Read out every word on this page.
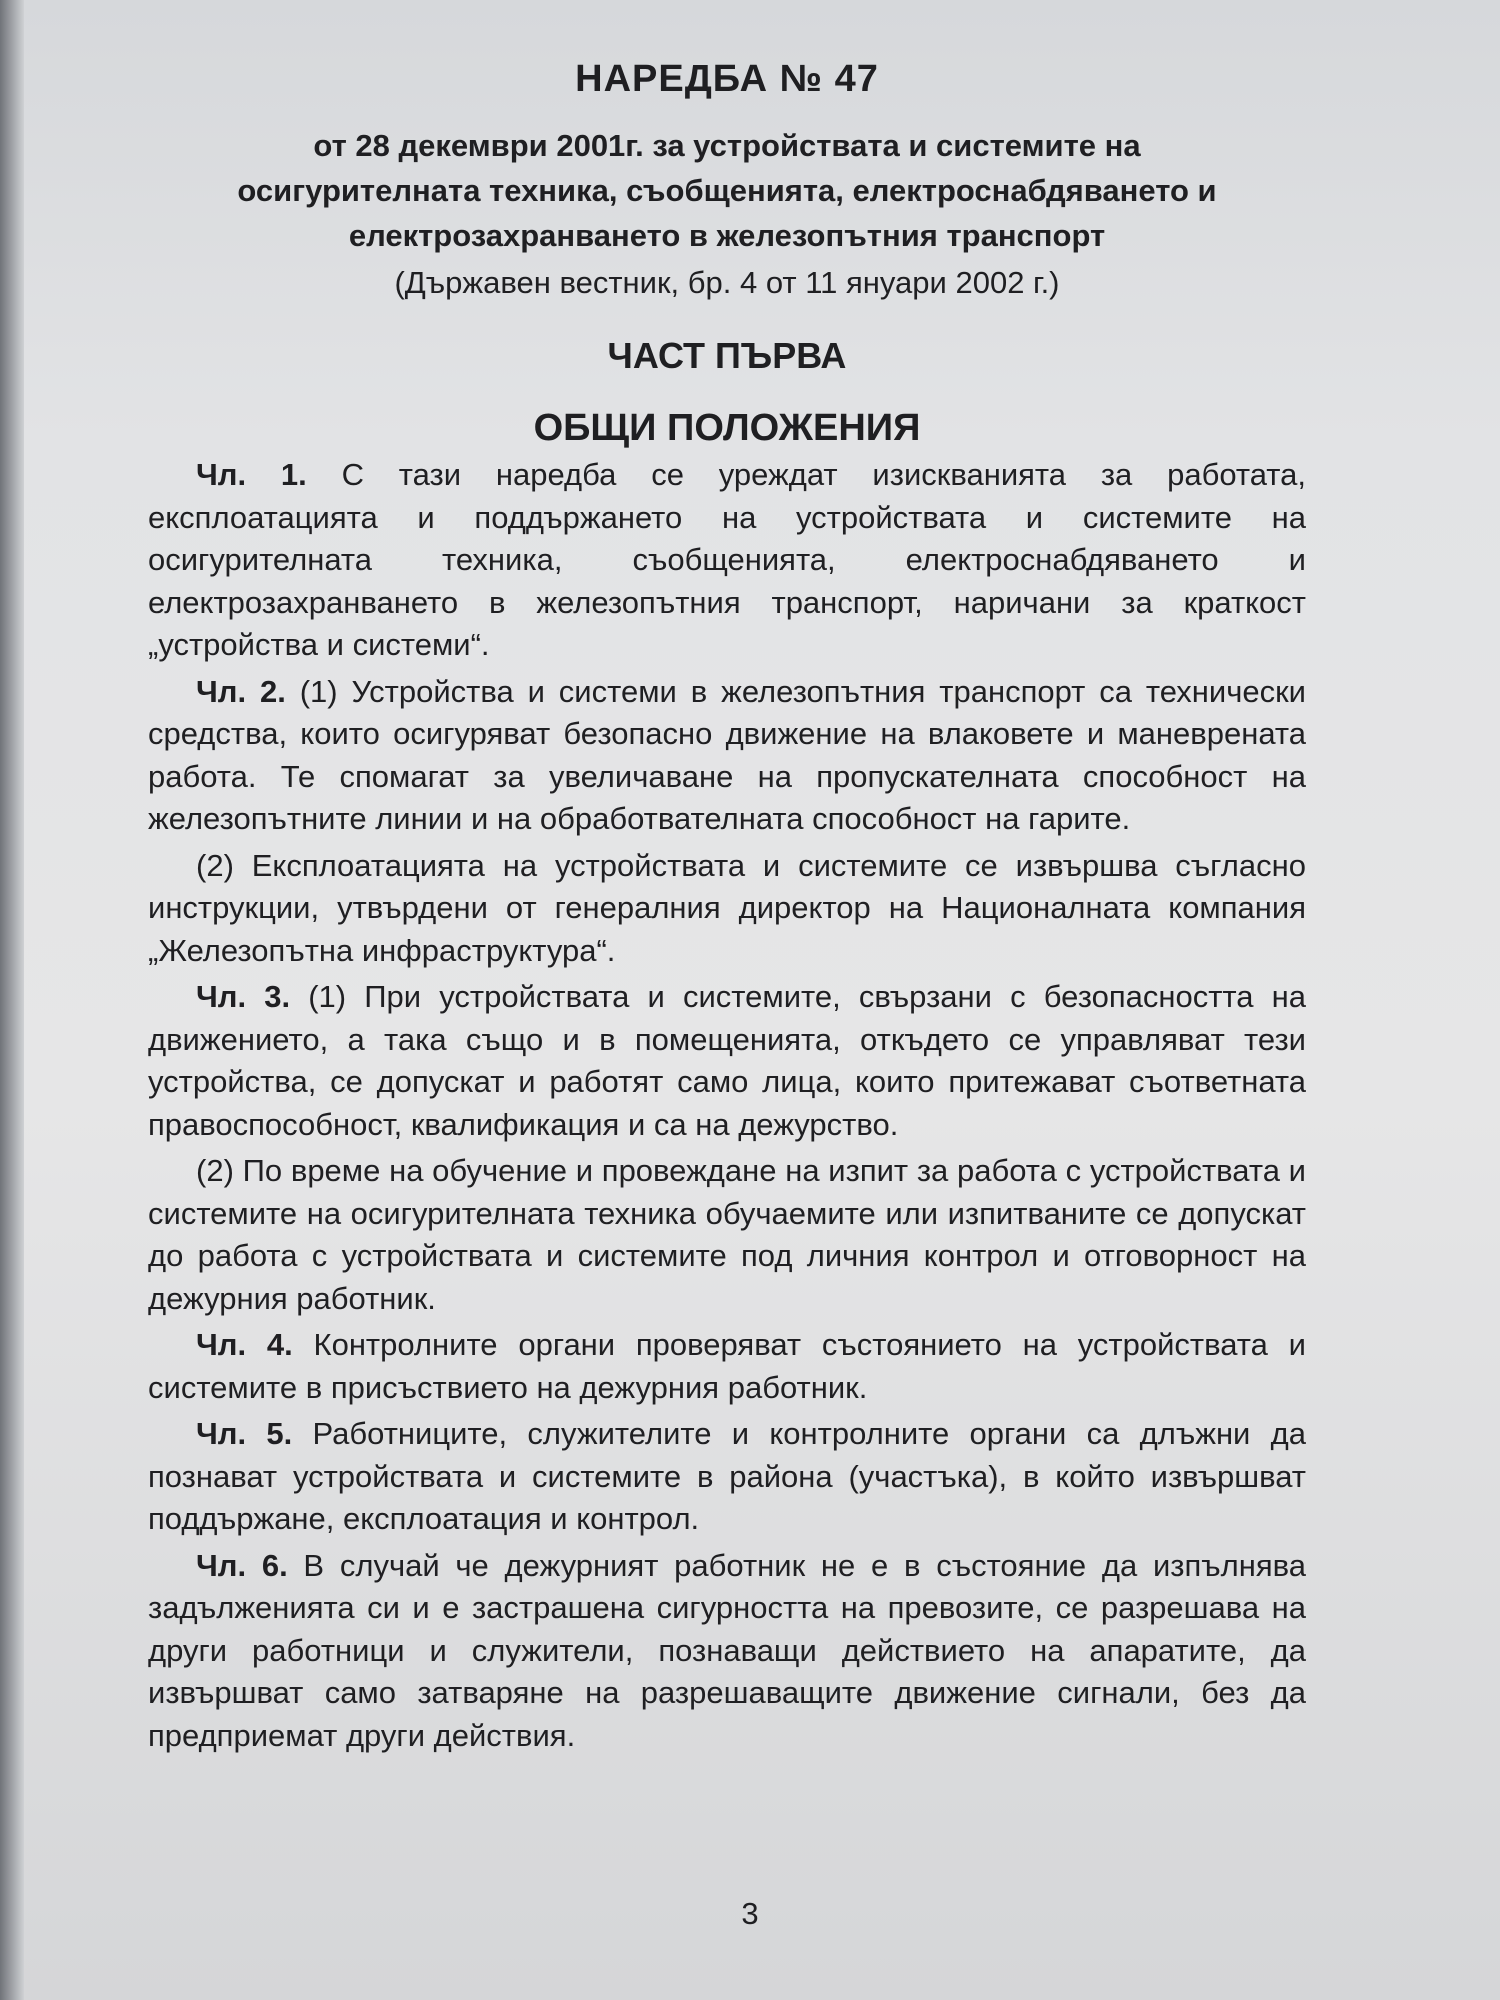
НАРЕДБА № 47

от 28 декември 2001г. за устройствата и системите на

осигурителната техника, съобщенията, електроснабдяването и

електрозахранването в железопътния транспорт

(Държавен вестник, бр. 4 от 11 януари 2002 г.)

ЧАСТ ПЪРВА
ОБЩИ ПОЛОЖЕНИЯ

Чл. 1. С тази наредба се уреждат изискванията за работата, експлоатацията и поддържането на устройствата и системите на осигурителната техника, съобщенията, електроснабдяването и електрозахранването в железопътния транспорт, наричани за краткост „устройства и системи“.

Чл. 2. (1) Устройства и системи в железопътния транспорт са технически средства, които осигуряват безопасно движение на влаковете и маневрената работа. Те спомагат за увеличаване на пропускателната способност на железопътните линии и на обработвателната способност на гарите.

(2) Експлоатацията на устройствата и системите се извършва съгласно инструкции, утвърдени от генералния директор на Националната компания „Железопътна инфраструктура“.

Чл. 3. (1) При устройствата и системите, свързани с безопасността на движението, а така също и в помещенията, откъдето се управляват тези устройства, се допускат и работят само лица, които притежават съответната правоспособност, квалификация и са на дежурство.

(2) По време на обучение и провеждане на изпит за работа с устройствата и системите на осигурителната техника обучаемите или изпитваните се допускат до работа с устройствата и системите под личния контрол и отговорност на дежурния работник.

Чл. 4. Контролните органи проверяват състоянието на устройствата и системите в присъствието на дежурния работник.

Чл. 5. Работниците, служителите и контролните органи са длъжни да познават устройствата и системите в района (участъка), в който извършват поддържане, експлоатация и контрол.

Чл. 6. В случай че дежурният работник не е в състояние да изпълнява задълженията си и е застрашена сигурността на превозите, се разрешава на други работници и служители, познаващи действието на апаратите, да извършват само затваряне на разрешаващите движение сигнали, без да предприемат други действия.

3
